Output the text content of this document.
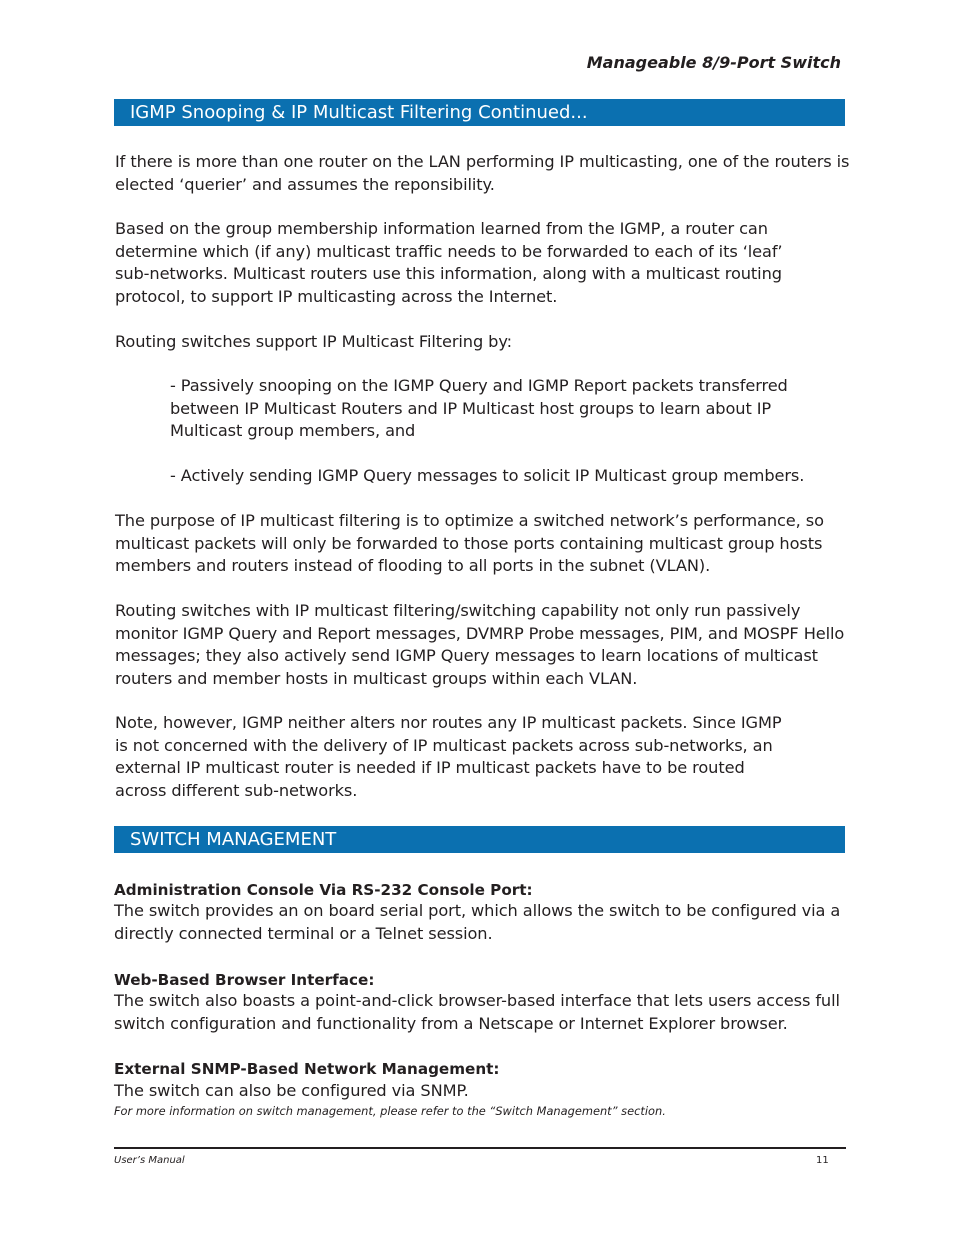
Manageable 8/9-Port Switch
IGMP Snooping & IP Multicast Filtering Continued...

If there is more than one router on the LAN performing IP multicasting, one of the routers is
elected ‘querier’ and assumes the reponsibility.

Based on the group membership information learned from the IGMP, a router can
determine which (if any) multicast traffic needs to be forwarded to each of its ‘leaf’
sub-networks. Multicast routers use this information, along with a multicast routing
protocol, to support IP multicasting across the Internet.

Routing switches support IP Multicast Filtering by:

- Passively snooping on the IGMP Query and IGMP Report packets transferred
between IP Multicast Routers and IP Multicast host groups to learn about IP
Multicast group members, and

- Actively sending IGMP Query messages to solicit IP Multicast group members.

The purpose of IP multicast filtering is to optimize a switched network’s performance, so
multicast packets will only be forwarded to those ports containing multicast group hosts
members and routers instead of flooding to all ports in the subnet (VLAN).

Routing switches with IP multicast filtering/switching capability not only run passively
monitor IGMP Query and Report messages, DVMRP Probe messages, PIM, and MOSPF Hello
messages; they also actively send IGMP Query messages to learn locations of multicast
routers and member hosts in multicast groups within each VLAN.

Note, however, IGMP neither alters nor routes any IP multicast packets. Since IGMP
is not concerned with the delivery of IP multicast packets across sub-networks, an
external IP multicast router is needed if IP multicast packets have to be routed
across different sub-networks.

SWITCH MANAGEMENT

Administration Console Via RS-232 Console Port:

The switch provides an on board serial port, which allows the switch to be configured via a
directly connected terminal or a Telnet session.

Web-Based Browser Interface:

The switch also boasts a point-and-click browser-based interface that lets users access full
switch configuration and functionality from a Netscape or Internet Explorer browser.

External SNMP-Based Network Management:

The switch can also be configured via SNMP.

For more information on switch management, please refer to the “Switch Management” section.

User’s Manual	11
